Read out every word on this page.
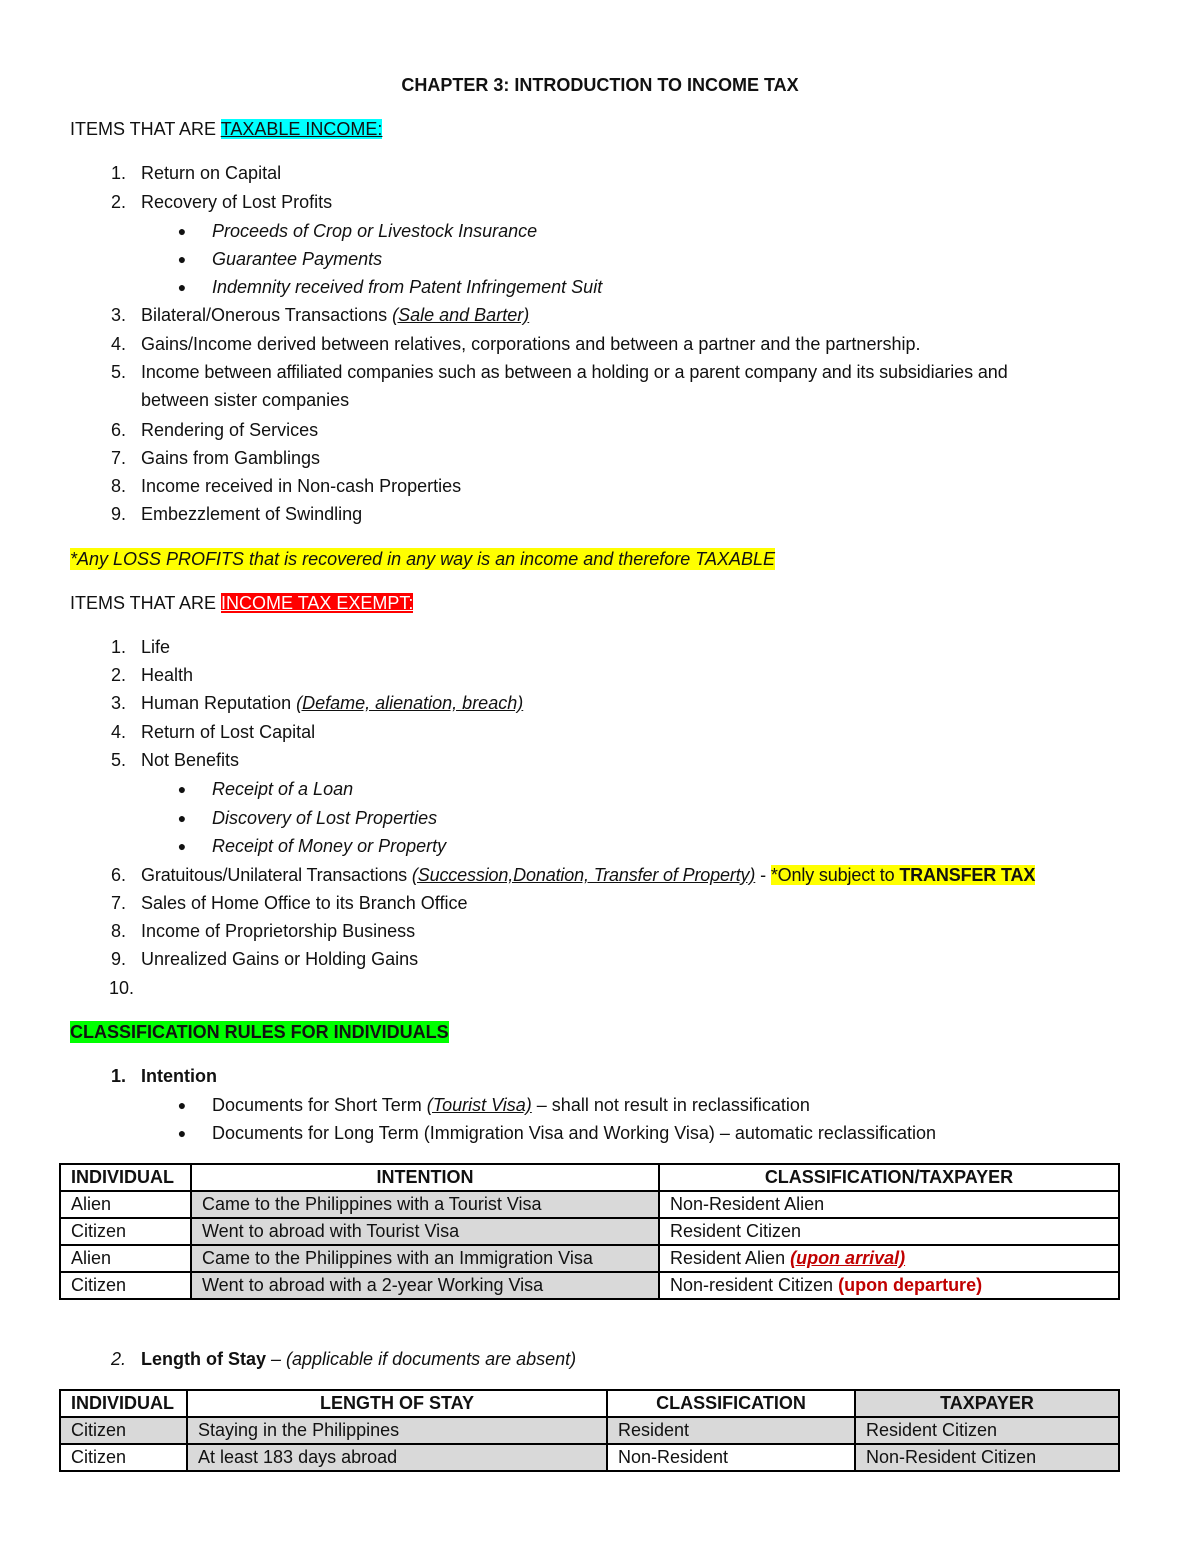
CHAPTER 3: INTRODUCTION TO INCOME TAX
ITEMS THAT ARE TAXABLE INCOME:
1. Return on Capital
2. Recovery of Lost Profits
● Proceeds of Crop or Livestock Insurance
● Guarantee Payments
● Indemnity received from Patent Infringement Suit
3. Bilateral/Onerous Transactions (Sale and Barter)
4. Gains/Income derived between relatives, corporations and between a partner and the partnership.
5. Income between affiliated companies such as between a holding or a parent company and its subsidiaries and
between sister companies
6. Rendering of Services
7. Gains from Gamblings
8. Income received in Non-cash Properties
9. Embezzlement of Swindling
*Any LOSS PROFITS that is recovered in any way is an income and therefore TAXABLE
ITEMS THAT ARE INCOME TAX EXEMPT:
1. Life
2. Health
3. Human Reputation (Defame, alienation, breach)
4. Return of Lost Capital
5. Not Benefits
● Receipt of a Loan
● Discovery of Lost Properties
● Receipt of Money or Property
6. Gratuitous/Unilateral Transactions (Succession,Donation, Transfer of Property) - *Only subject to TRANSFER TAX
7. Sales of Home Office to its Branch Office
8. Income of Proprietorship Business
9. Unrealized Gains or Holding Gains
10.
CLASSIFICATION RULES FOR INDIVIDUALS
1. Intention
● Documents for Short Term (Tourist Visa) – shall not result in reclassification
● Documents for Long Term (Immigration Visa and Working Visa) – automatic reclassification
INDIVIDUAL	INTENTION	CLASSIFICATION/TAXPAYER
Alien	Came to the Philippines with a Tourist Visa	Non-Resident Alien
Citizen	Went to abroad with Tourist Visa	Resident Citizen
Alien	Came to the Philippines with an Immigration Visa	Resident Alien (upon arrival)
Citizen	Went to abroad with a 2-year Working Visa	Non-resident Citizen (upon departure)
2. Length of Stay – (applicable if documents are absent)
INDIVIDUAL	LENGTH OF STAY	CLASSIFICATION	TAXPAYER
Citizen	Staying in the Philippines	Resident	Resident Citizen
Citizen	At least 183 days abroad	Non-Resident	Non-Resident Citizen
